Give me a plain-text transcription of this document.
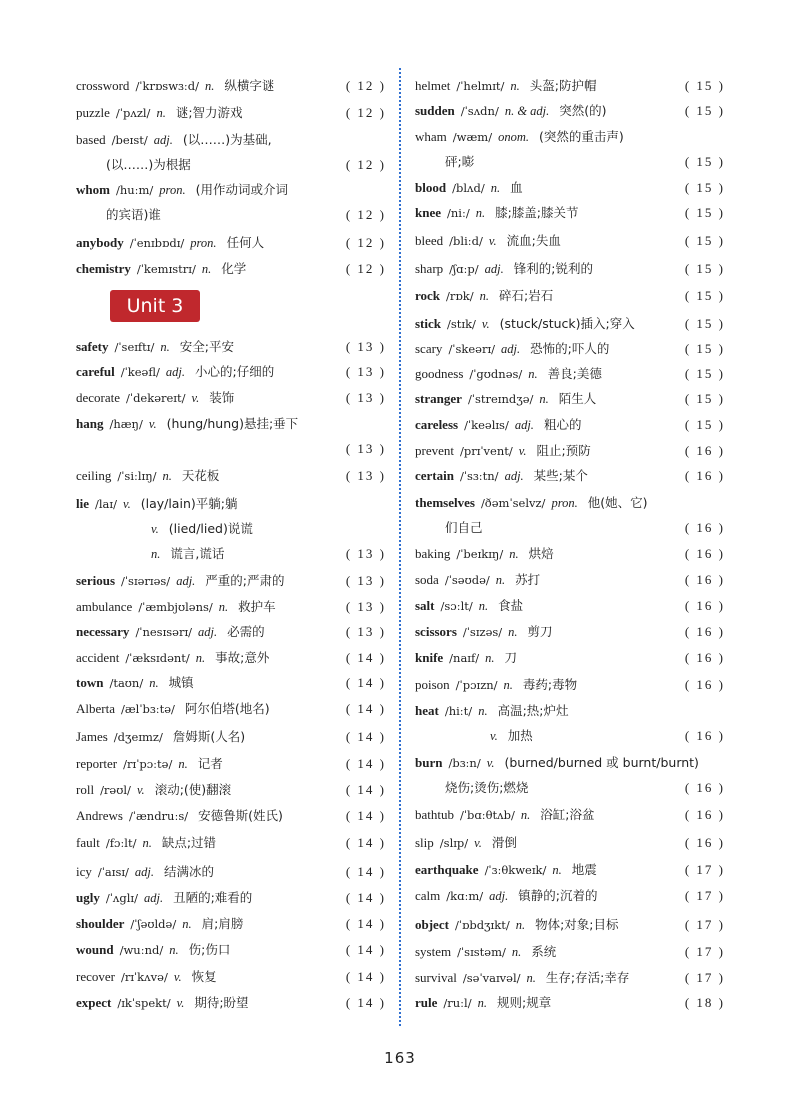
crossword /ˈkrɒswɜːd/ n. 纵横字谜	( 12 )
puzzle /ˈpʌzl/ n. 谜;智力游戏	( 12 )
based /beɪst/ adj. (以……)为基础,
(以……)为根据	( 12 )
whom /huːm/ pron. (用作动词或介词
的宾语)谁	( 12 )
anybody /ˈenɪbɒdɪ/ pron. 任何人	( 12 )
chemistry /ˈkemɪstrɪ/ n. 化学	( 12 )
safety /ˈseɪftɪ/ n. 安全;平安	( 13 )
careful /ˈkeəfl/ adj. 小心的;仔细的	( 13 )
decorate /ˈdekəreɪt/ v. 装饰	( 13 )
hang /hæŋ/ v. (hung/hung)悬挂;垂下
( 13 )
ceiling /ˈsiːlɪŋ/ n. 天花板	( 13 )
lie /laɪ/ v. (lay/lain)平躺;躺
v. (lied/lied)说谎
n. 谎言,谎话	( 13 )
serious /ˈsɪərɪəs/ adj. 严重的;严肃的	( 13 )
ambulance /ˈæmbjʊləns/ n. 救护车	( 13 )
necessary /ˈnesɪsərɪ/ adj. 必需的	( 13 )
accident /ˈæksɪdənt/ n. 事故;意外	( 14 )
town /taʊn/ n. 城镇	( 14 )
Alberta /ælˈbɜːtə/ 阿尔伯塔(地名)	( 14 )
James /dʒeɪmz/ 詹姆斯(人名)	( 14 )
reporter /rɪˈpɔːtə/ n. 记者	( 14 )
roll /rəʊl/ v. 滚动;(使)翻滚	( 14 )
Andrews /ˈændruːs/ 安德鲁斯(姓氏)	( 14 )
fault /fɔːlt/ n. 缺点;过错	( 14 )
icy /ˈaɪsɪ/ adj. 结满冰的	( 14 )
ugly /ˈʌglɪ/ adj. 丑陋的;难看的	( 14 )
shoulder /ˈʃəʊldə/ n. 肩;肩膀	( 14 )
wound /wuːnd/ n. 伤;伤口	( 14 )
recover /rɪˈkʌvə/ v. 恢复	( 14 )
expect /ɪkˈspekt/ v. 期待;盼望	( 14 )
helmet /ˈhelmɪt/ n. 头盔;防护帽	( 15 )
sudden /ˈsʌdn/ n. & adj. 突然(的)	( 15 )
wham /wæm/ onom. (突然的重击声)
砰;嘭	( 15 )
blood /blʌd/ n. 血	( 15 )
knee /niː/ n. 膝;膝盖;膝关节	( 15 )
bleed /bliːd/ v. 流血;失血	( 15 )
sharp /ʃɑːp/ adj. 锋利的;锐利的	( 15 )
rock /rɒk/ n. 碎石;岩石	( 15 )
stick /stɪk/ v. (stuck/stuck)插入;穿入	( 15 )
scary /ˈskeərɪ/ adj. 恐怖的;吓人的	( 15 )
goodness /ˈgʊdnəs/ n. 善良;美德	( 15 )
stranger /ˈstreɪndʒə/ n. 陌生人	( 15 )
careless /ˈkeəlɪs/ adj. 粗心的	( 15 )
prevent /prɪˈvent/ v. 阻止;预防	( 16 )
certain /ˈsɜːtn/ adj. 某些;某个	( 16 )
themselves /ðəmˈselvz/ pron. 他(她、它)
们自己	( 16 )
baking /ˈbeɪkɪŋ/ n. 烘焙	( 16 )
soda /ˈsəʊdə/ n. 苏打	( 16 )
salt /sɔːlt/ n. 食盐	( 16 )
scissors /ˈsɪzəs/ n. 剪刀	( 16 )
knife /naɪf/ n. 刀	( 16 )
poison /ˈpɔɪzn/ n. 毒药;毒物	( 16 )
heat /hiːt/ n. 高温;热;炉灶
v. 加热	( 16 )
burn /bɜːn/ v. (burned/burned 或 burnt/burnt)
烧伤;烫伤;燃烧	( 16 )
bathtub /ˈbɑːθtʌb/ n. 浴缸;浴盆	( 16 )
slip /slɪp/ v. 滑倒	( 16 )
earthquake /ˈɜːθkweɪk/ n. 地震	( 17 )
calm /kɑːm/ adj. 镇静的;沉着的	( 17 )
object /ˈɒbdʒɪkt/ n. 物体;对象;目标	( 17 )
system /ˈsɪstəm/ n. 系统	( 17 )
survival /səˈvaɪvəl/ n. 生存;存活;幸存	( 17 )
rule /ruːl/ n. 规则;规章	( 18 )
Unit 3
163
